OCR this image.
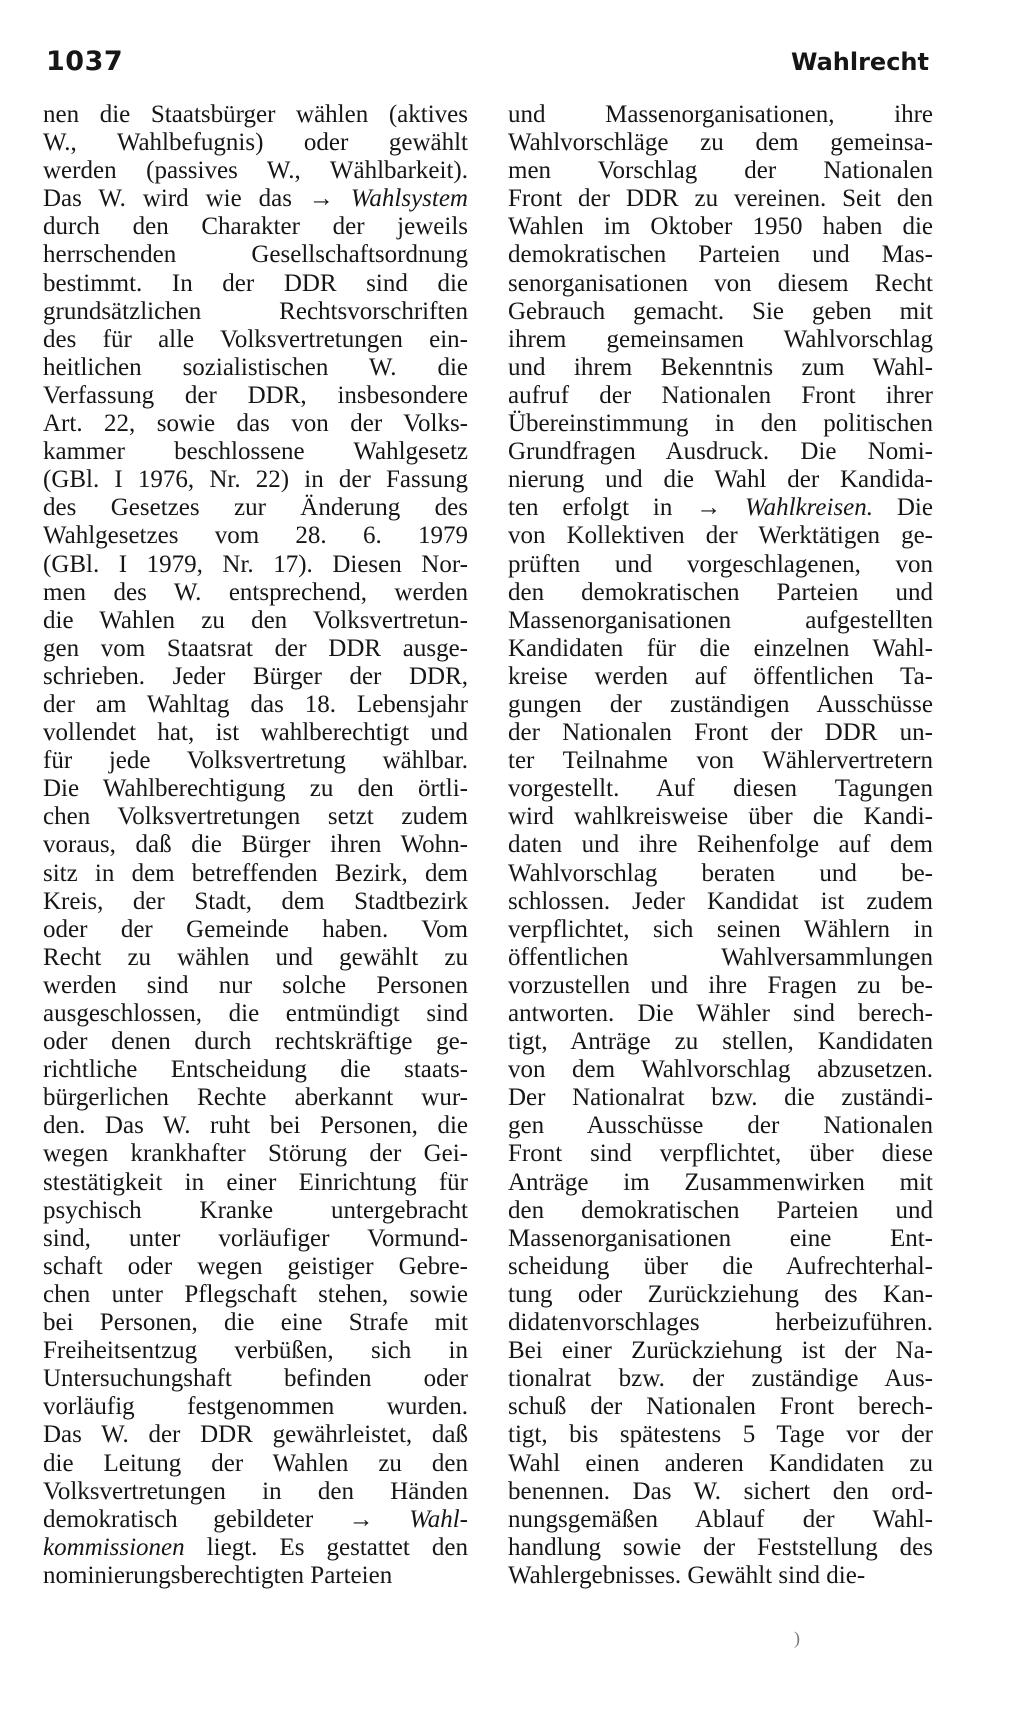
1037	Wahlrecht
nen die Staatsbürger wählen (aktives
W., Wahlbefugnis) oder gewählt
werden (passives W., Wählbarkeit).
Das W. wird wie das → Wahlsystem
durch den Charakter der jeweils
herrschenden Gesellschaftsordnung
bestimmt. In der DDR sind die
grundsätzlichen Rechtsvorschriften
des für alle Volksvertretungen ein-
heitlichen sozialistischen W. die
Verfassung der DDR, insbesondere
Art. 22, sowie das von der Volks-
kammer beschlossene Wahlgesetz
(GBl. I 1976, Nr. 22) in der Fassung
des Gesetzes zur Änderung des
Wahlgesetzes vom 28. 6. 1979
(GBl. I 1979, Nr. 17). Diesen Nor-
men des W. entsprechend, werden
die Wahlen zu den Volksvertretun-
gen vom Staatsrat der DDR ausge-
schrieben. Jeder Bürger der DDR,
der am Wahltag das 18. Lebensjahr
vollendet hat, ist wahlberechtigt und
für jede Volksvertretung wählbar.
Die Wahlberechtigung zu den örtli-
chen Volksvertretungen setzt zudem
voraus, daß die Bürger ihren Wohn-
sitz in dem betreffenden Bezirk, dem
Kreis, der Stadt, dem Stadtbezirk
oder der Gemeinde haben. Vom
Recht zu wählen und gewählt zu
werden sind nur solche Personen
ausgeschlossen, die entmündigt sind
oder denen durch rechtskräftige ge-
richtliche Entscheidung die staats-
bürgerlichen Rechte aberkannt wur-
den. Das W. ruht bei Personen, die
wegen krankhafter Störung der Gei-
stestätigkeit in einer Einrichtung für
psychisch Kranke untergebracht
sind, unter vorläufiger Vormund-
schaft oder wegen geistiger Gebre-
chen unter Pflegschaft stehen, sowie
bei Personen, die eine Strafe mit
Freiheitsentzug verbüßen, sich in
Untersuchungshaft befinden oder
vorläufig festgenommen wurden.
Das W. der DDR gewährleistet, daß
die Leitung der Wahlen zu den
Volksvertretungen in den Händen
demokratisch gebildeter → Wahl-
kommissionen liegt. Es gestattet den
nominierungsberechtigten Parteien
und Massenorganisationen, ihre
Wahlvorschläge zu dem gemeinsa-
men Vorschlag der Nationalen
Front der DDR zu vereinen. Seit den
Wahlen im Oktober 1950 haben die
demokratischen Parteien und Mas-
senorganisationen von diesem Recht
Gebrauch gemacht. Sie geben mit
ihrem gemeinsamen Wahlvorschlag
und ihrem Bekenntnis zum Wahl-
aufruf der Nationalen Front ihrer
Übereinstimmung in den politischen
Grundfragen Ausdruck. Die Nomi-
nierung und die Wahl der Kandida-
ten erfolgt in → Wahlkreisen. Die
von Kollektiven der Werktätigen ge-
prüften und vorgeschlagenen, von
den demokratischen Parteien und
Massenorganisationen aufgestellten
Kandidaten für die einzelnen Wahl-
kreise werden auf öffentlichen Ta-
gungen der zuständigen Ausschüsse
der Nationalen Front der DDR un-
ter Teilnahme von Wählervertretern
vorgestellt. Auf diesen Tagungen
wird wahlkreisweise über die Kandi-
daten und ihre Reihenfolge auf dem
Wahlvorschlag beraten und be-
schlossen. Jeder Kandidat ist zudem
verpflichtet, sich seinen Wählern in
öffentlichen Wahlversammlungen
vorzustellen und ihre Fragen zu be-
antworten. Die Wähler sind berech-
tigt, Anträge zu stellen, Kandidaten
von dem Wahlvorschlag abzusetzen.
Der Nationalrat bzw. die zuständi-
gen Ausschüsse der Nationalen
Front sind verpflichtet, über diese
Anträge im Zusammenwirken mit
den demokratischen Parteien und
Massenorganisationen eine Ent-
scheidung über die Aufrechterhal-
tung oder Zurückziehung des Kan-
didatenvorschlages herbeizuführen.
Bei einer Zurückziehung ist der Na-
tionalrat bzw. der zuständige Aus-
schuß der Nationalen Front berech-
tigt, bis spätestens 5 Tage vor der
Wahl einen anderen Kandidaten zu
benennen. Das W. sichert den ord-
nungsgemäßen Ablauf der Wahl-
handlung sowie der Feststellung des
Wahlergebnisses. Gewählt sind die-
)
